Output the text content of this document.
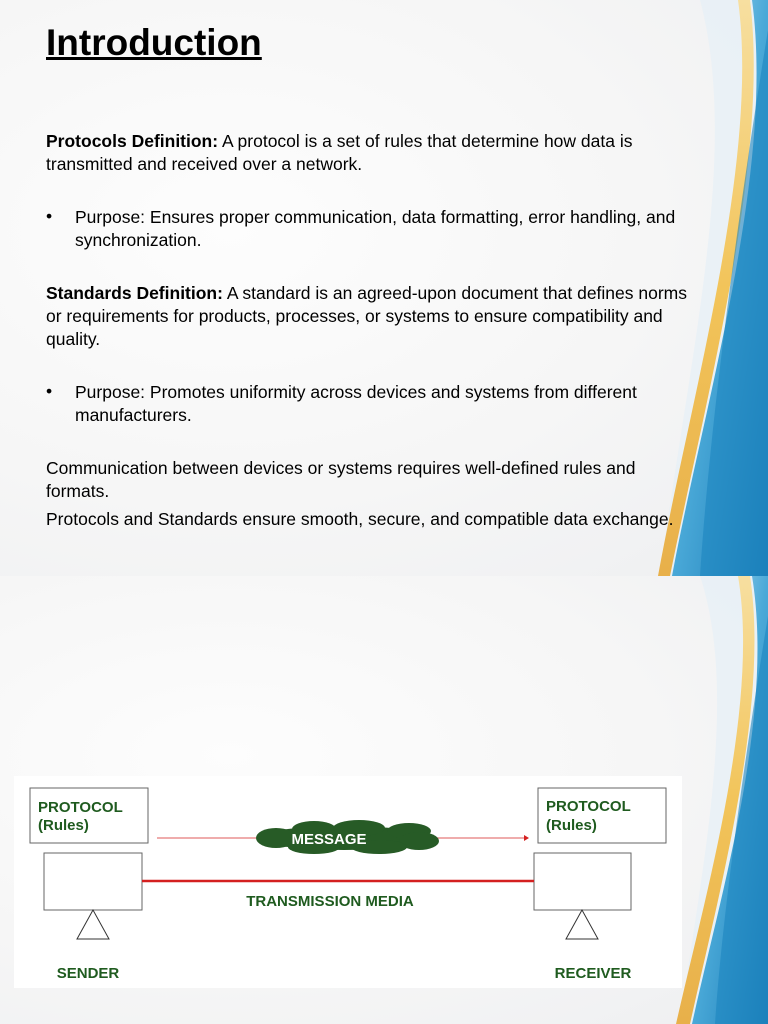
Introduction

Protocols Definition: A protocol is a set of rules that determine how data is transmitted and received over a network.

• Purpose: Ensures proper communication, data formatting, error handling, and synchronization.

Standards Definition: A standard is an agreed-upon document that defines norms or requirements for products, processes, or systems to ensure compatibility and quality.

• Purpose: Promotes uniformity across devices and systems from different manufacturers.

Communication between devices or systems requires well-defined rules and formats.

Protocols and Standards ensure smooth, secure, and compatible data exchange.

PROTOCOL
(Rules)
PROTOCOL
(Rules)
MESSAGE
TRANSMISSION MEDIA
SENDER	RECEIVER
